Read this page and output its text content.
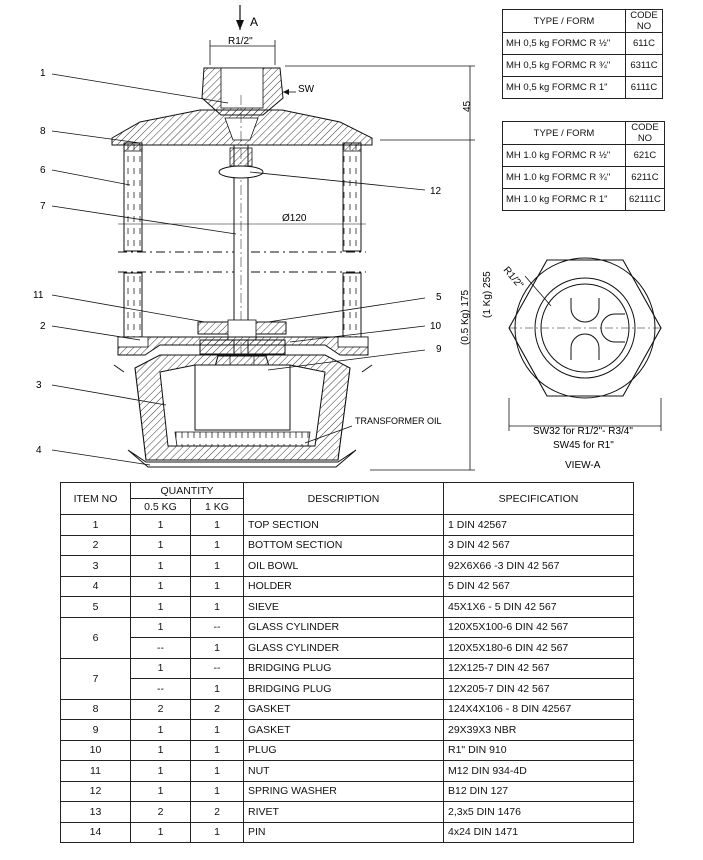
A
R1/2"
SW
45
Ø120
(0.5 Kg) 175 (1 Kg) 255
TRANSFORMER OIL
1
8
6
7
11
2
3
4
12
5
10
9
R1/2"
SW32 for R1/2"- R3/4"
SW45 for R1"
VIEW-A
TYPE / FORM	CODE
NO
MH 0,5 kg FORMC R ½"	611C
MH 0,5 kg FORMC R ¾"	6311C
MH 0,5 kg FORMC R 1"	6111C
TYPE / FORM	CODE
NO
MH 1.0 kg FORMC R ½"	621C
MH 1.0 kg FORMC R ¾"	6211C
MH 1.0 kg FORMC R 1"	62111C
ITEM NO	QUANTITY		DESCRIPTION	SPECIFICATION
	0.5 KG	1 KG		
1	1	1	TOP SECTION	1 DIN 42567
2	1	1	BOTTOM SECTION	3 DIN 42 567
3	1	1	OIL BOWL	92X6X66 -3 DIN 42 567
4	1	1	HOLDER	5 DIN 42 567
5	1	1	SIEVE	45X1X6 - 5 DIN 42 567
6	1	--	GLASS CYLINDER	120X5X100-6 DIN 42 567
	--	1	GLASS CYLINDER	120X5X180-6 DIN 42 567
7	1	--	BRIDGING PLUG	12X125-7 DIN 42 567
	--	1	BRIDGING PLUG	12X205-7 DIN 42 567
8	2	2	GASKET	124X4X106 - 8 DIN 42567
9	1	1	GASKET	29X39X3 NBR
10	1	1	PLUG	R1" DIN 910
11	1	1	NUT	M12 DIN 934-4D
12	1	1	SPRING WASHER	B12 DIN 127
13	2	2	RIVET	2,3x5 DIN 1476
14	1	1	PIN	4x24 DIN 1471
